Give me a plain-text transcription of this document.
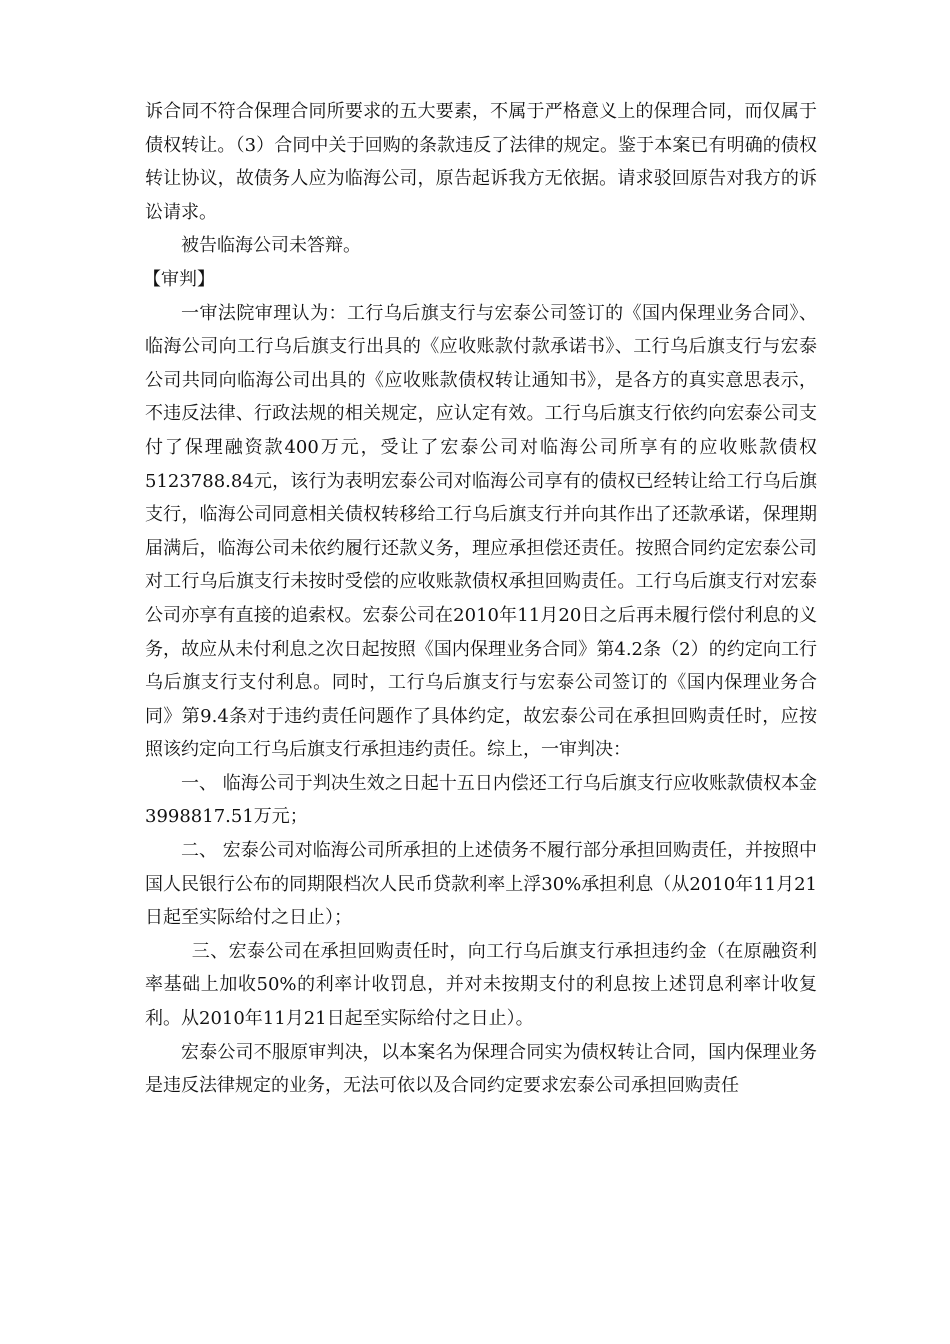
诉合同不符合保理合同所要求的五大要素，不属于严格意义上的保理合同，而仅属于债权转让。（3）合同中关于回购的条款违反了法律的规定。鉴于本案已有明确的债权转让协议，故债务人应为临海公司，原告起诉我方无依据。请求驳回原告对我方的诉讼请求。

被告临海公司未答辩。

【审判】

一审法院审理认为：工行乌后旗支行与宏泰公司签订的《国内保理业务合同》、临海公司向工行乌后旗支行出具的《应收账款付款承诺书》、工行乌后旗支行与宏泰公司共同向临海公司出具的《应收账款债权转让通知书》，是各方的真实意思表示，不违反法律、行政法规的相关规定，应认定有效。工行乌后旗支行依约向宏泰公司支付了保理融资款400万元，受让了宏泰公司对临海公司所享有的应收账款债权5123788.84元，该行为表明宏泰公司对临海公司享有的债权已经转让给工行乌后旗支行，临海公司同意相关债权转移给工行乌后旗支行并向其作出了还款承诺，保理期届满后，临海公司未依约履行还款义务，理应承担偿还责任。按照合同约定宏泰公司对工行乌后旗支行未按时受偿的应收账款债权承担回购责任。工行乌后旗支行对宏泰公司亦享有直接的追索权。宏泰公司在2010年11月20日之后再未履行偿付利息的义务，故应从未付利息之次日起按照《国内保理业务合同》第4.2条（2）的约定向工行乌后旗支行支付利息。同时，工行乌后旗支行与宏泰公司签订的《国内保理业务合同》第9.4条对于违约责任问题作了具体约定，故宏泰公司在承担回购责任时，应按照该约定向工行乌后旗支行承担违约责任。综上，一审判决：

一、 临海公司于判决生效之日起十五日内偿还工行乌后旗支行应收账款债权本金3998817.51万元；

二、 宏泰公司对临海公司所承担的上述债务不履行部分承担回购责任，并按照中国人民银行公布的同期限档次人民币贷款利率上浮30%承担利息（从2010年11月21日起至实际给付之日止）；

三、宏泰公司在承担回购责任时，向工行乌后旗支行承担违约金（在原融资利率基础上加收50%的利率计收罚息，并对未按期支付的利息按上述罚息利率计收复利。从2010年11月21日起至实际给付之日止）。

宏泰公司不服原审判决，以本案名为保理合同实为债权转让合同，国内保理业务是违反法律规定的业务，无法可依以及合同约定要求宏泰公司承担回购责任
